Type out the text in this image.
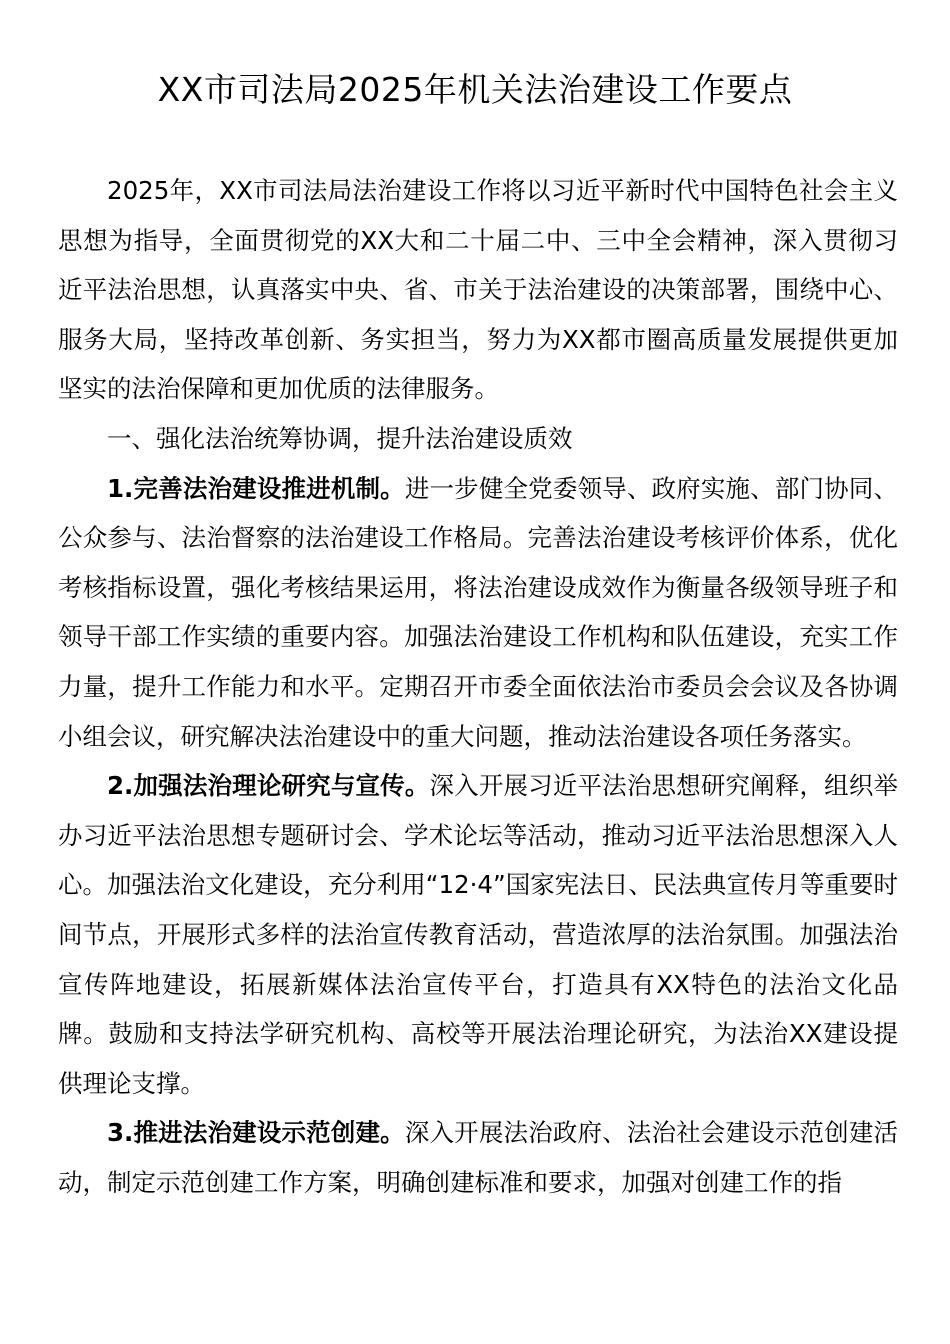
XX市司法局2025年机关法治建设工作要点

2025年，XX市司法局法治建设工作将以习近平新时代中国特色社会主义思想为指导，全面贯彻党的XX大和二十届二中、三中全会精神，深入贯彻习近平法治思想，认真落实中央、省、市关于法治建设的决策部署，围绕中心、服务大局，坚持改革创新、务实担当，努力为XX都市圈高质量发展提供更加坚实的法治保障和更加优质的法律服务。

一、强化法治统筹协调，提升法治建设质效

1.完善法治建设推进机制。进一步健全党委领导、政府实施、部门协同、公众参与、法治督察的法治建设工作格局。完善法治建设考核评价体系，优化考核指标设置，强化考核结果运用，将法治建设成效作为衡量各级领导班子和领导干部工作实绩的重要内容。加强法治建设工作机构和队伍建设，充实工作力量，提升工作能力和水平。定期召开市委全面依法治市委员会会议及各协调小组会议，研究解决法治建设中的重大问题，推动法治建设各项任务落实。

2.加强法治理论研究与宣传。深入开展习近平法治思想研究阐释，组织举办习近平法治思想专题研讨会、学术论坛等活动，推动习近平法治思想深入人心。加强法治文化建设，充分利用“12·4”国家宪法日、民法典宣传月等重要时间节点，开展形式多样的法治宣传教育活动，营造浓厚的法治氛围。加强法治宣传阵地建设，拓展新媒体法治宣传平台，打造具有XX特色的法治文化品牌。鼓励和支持法学研究机构、高校等开展法治理论研究，为法治XX建设提供理论支撑。

3.推进法治建设示范创建。深入开展法治政府、法治社会建设示范创建活动，制定示范创建工作方案，明确创建标准和要求，加强对创建工作的指
